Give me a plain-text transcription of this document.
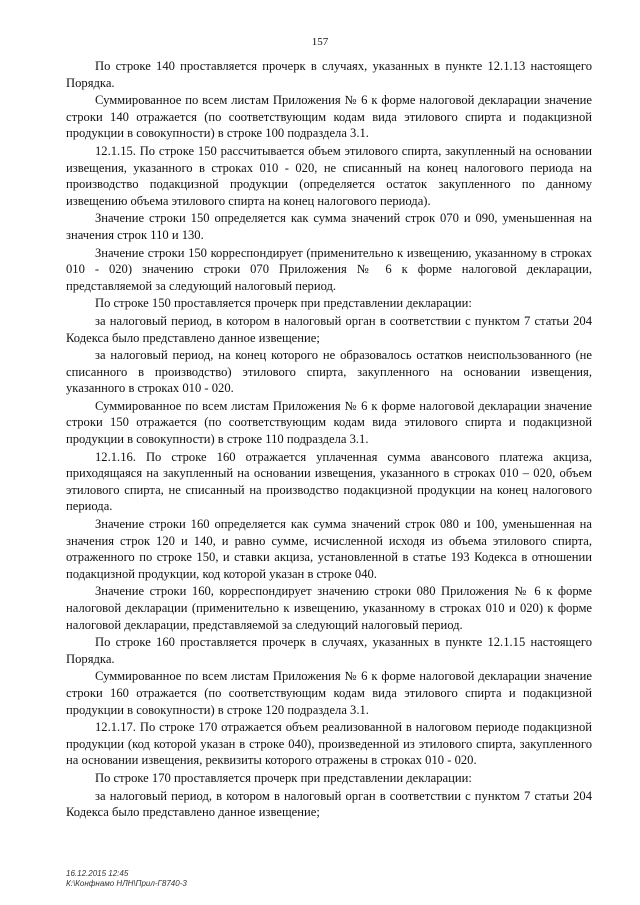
157

По строке 140 проставляется прочерк в случаях, указанных в пункте 12.1.13 настоящего Порядка.

Суммированное по всем листам Приложения № 6 к форме налоговой декларации значение строки 140 отражается (по соответствующим кодам вида этилового спирта и подакцизной продукции в совокупности) в строке 100 подраздела 3.1.

12.1.15. По строке 150 рассчитывается объем этилового спирта, закупленный на основании извещения, указанного в строках 010 - 020, не списанный на конец налогового периода на производство подакцизной продукции (определяется остаток закупленного по данному извещению объема этилового спирта на конец налогового периода).

Значение строки 150 определяется как сумма значений строк 070 и 090, уменьшенная на значения строк 110 и 130.

Значение строки 150 корреспондирует (применительно к извещению, указанному в строках 010 - 020) значению строки 070 Приложения № 6 к форме налоговой декларации, представляемой за следующий налоговый период.

По строке 150 проставляется прочерк при представлении декларации:

за налоговый период, в котором в налоговый орган в соответствии с пунктом 7 статьи 204 Кодекса было представлено данное извещение;

за налоговый период, на конец которого не образовалось остатков неиспользованного (не списанного в производство) этилового спирта, закупленного на основании извещения, указанного в строках 010 - 020.

Суммированное по всем листам Приложения № 6 к форме налоговой декларации значение строки 150 отражается (по соответствующим кодам вида этилового спирта и подакцизной продукции в совокупности) в строке 110 подраздела 3.1.

12.1.16. По строке 160 отражается уплаченная сумма авансового платежа акциза, приходящаяся на закупленный на основании извещения, указанного в строках 010 – 020, объем этилового спирта, не списанный на производство подакцизной продукции на конец налогового периода.

Значение строки 160 определяется как сумма значений строк 080 и 100, уменьшенная на значения строк 120 и 140, и равно сумме, исчисленной исходя из объема этилового спирта, отраженного по строке 150, и ставки акциза, установленной в статье 193 Кодекса в отношении подакцизной продукции, код которой указан в строке 040.

Значение строки 160, корреспондирует значению строки 080 Приложения № 6 к форме налоговой декларации (применительно к извещению, указанному в строках 010 и 020) к форме налоговой декларации, представляемой за следующий налоговый период.

По строке 160 проставляется прочерк в случаях, указанных в пункте 12.1.15 настоящего Порядка.

Суммированное по всем листам Приложения № 6 к форме налоговой декларации значение строки 160 отражается (по соответствующим кодам вида этилового спирта и подакцизной продукции в совокупности) в строке 120 подраздела 3.1.

12.1.17. По строке 170 отражается объем реализованной в налоговом периоде подакцизной продукции (код которой указан в строке 040), произведенной из этилового спирта, закупленного на основании извещения, реквизиты которого отражены в строках 010 - 020.

По строке 170 проставляется прочерк при представлении декларации:

за налоговый период, в котором в налоговый орган в соответствии с пунктом 7 статьи 204 Кодекса было представлено данное извещение;

16.12.2015 12:45
К:\Конфнамо НЛН\Прил-Г8740-3
